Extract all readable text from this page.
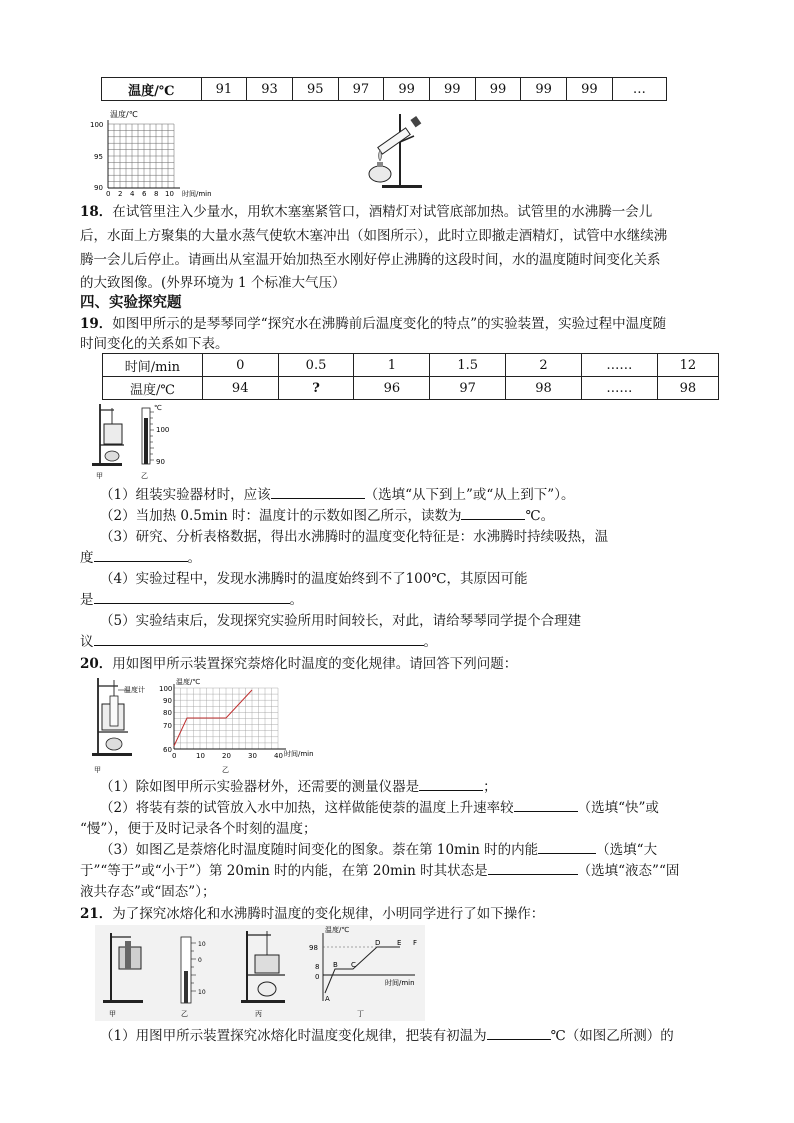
温度/℃	91	93	95	97	99	99	99	99	99	…
温度/℃
100
95
90
0 2 4 6 8 10 时间/min
18．在试管里注入少量水，用软木塞塞紧管口，酒精灯对试管底部加热。试管里的水沸腾一会儿
后，水面上方聚集的大量水蒸气使软木塞冲出（如图所示），此时立即撤走酒精灯，试管中水继续沸
腾一会儿后停止。请画出从室温开始加热至水刚好停止沸腾的这段时间，水的温度随时间变化关系
的大致图像。(外界环境为 1 个标准大气压）
四、实验探究题
19．如图甲所示的是琴琴同学“探究水在沸腾前后温度变化的特点”的实验装置，实验过程中温度随
时间变化的关系如下表。
时间/min	0	0.5	1	1.5	2	……	12
温度/℃	94	?	96	97	98	……	98
甲	乙
℃
100
90
（1）组装实验器材时，应该	（选填“从下到上”或“从上到下”）。
（2）当加热 0.5min 时：温度计的示数如图乙所示，读数为	℃。
（3）研究、分析表格数据，得出水沸腾时的温度变化特征是：水沸腾时持续吸热，温
度	。
（4）实验过程中，发现水沸腾时的温度始终到不了100℃，其原因可能
是	。
（5）实验结束后，发现探究实验所用时间较长，对此，请给琴琴同学提个合理建
议	。
20．用如图甲所示装置探究萘熔化时温度的变化规律。请回答下列问题：
温度计
甲
温度/℃
100
90
80
70
60
0	10 20 30 40 时间/min
乙
（1）除如图甲所示实验器材外，还需要的测量仪器是	；
（2）将装有萘的试管放入水中加热，这样做能使萘的温度上升速率较	（选填“快”或
“慢”），便于及时记录各个时刻的温度；
（3）如图乙是萘熔化时温度随时间变化的图象。萘在第 10min 时的内能	（选填“大
于”“等于”或“小于”）第 20min 时的内能，在第 20min 时其状态是	（选填“液态”“固
液共存态”或“固态”）；
21．为了探究冰熔化和水沸腾时温度的变化规律，小明同学进行了如下操作：
甲
10
0
10
乙	丙
温度/℃
98
8
0
A
B C
D E F
时间/min
丁
（1）用图甲所示装置探究冰熔化时温度变化规律，把装有初温为	℃（如图乙所测）的
